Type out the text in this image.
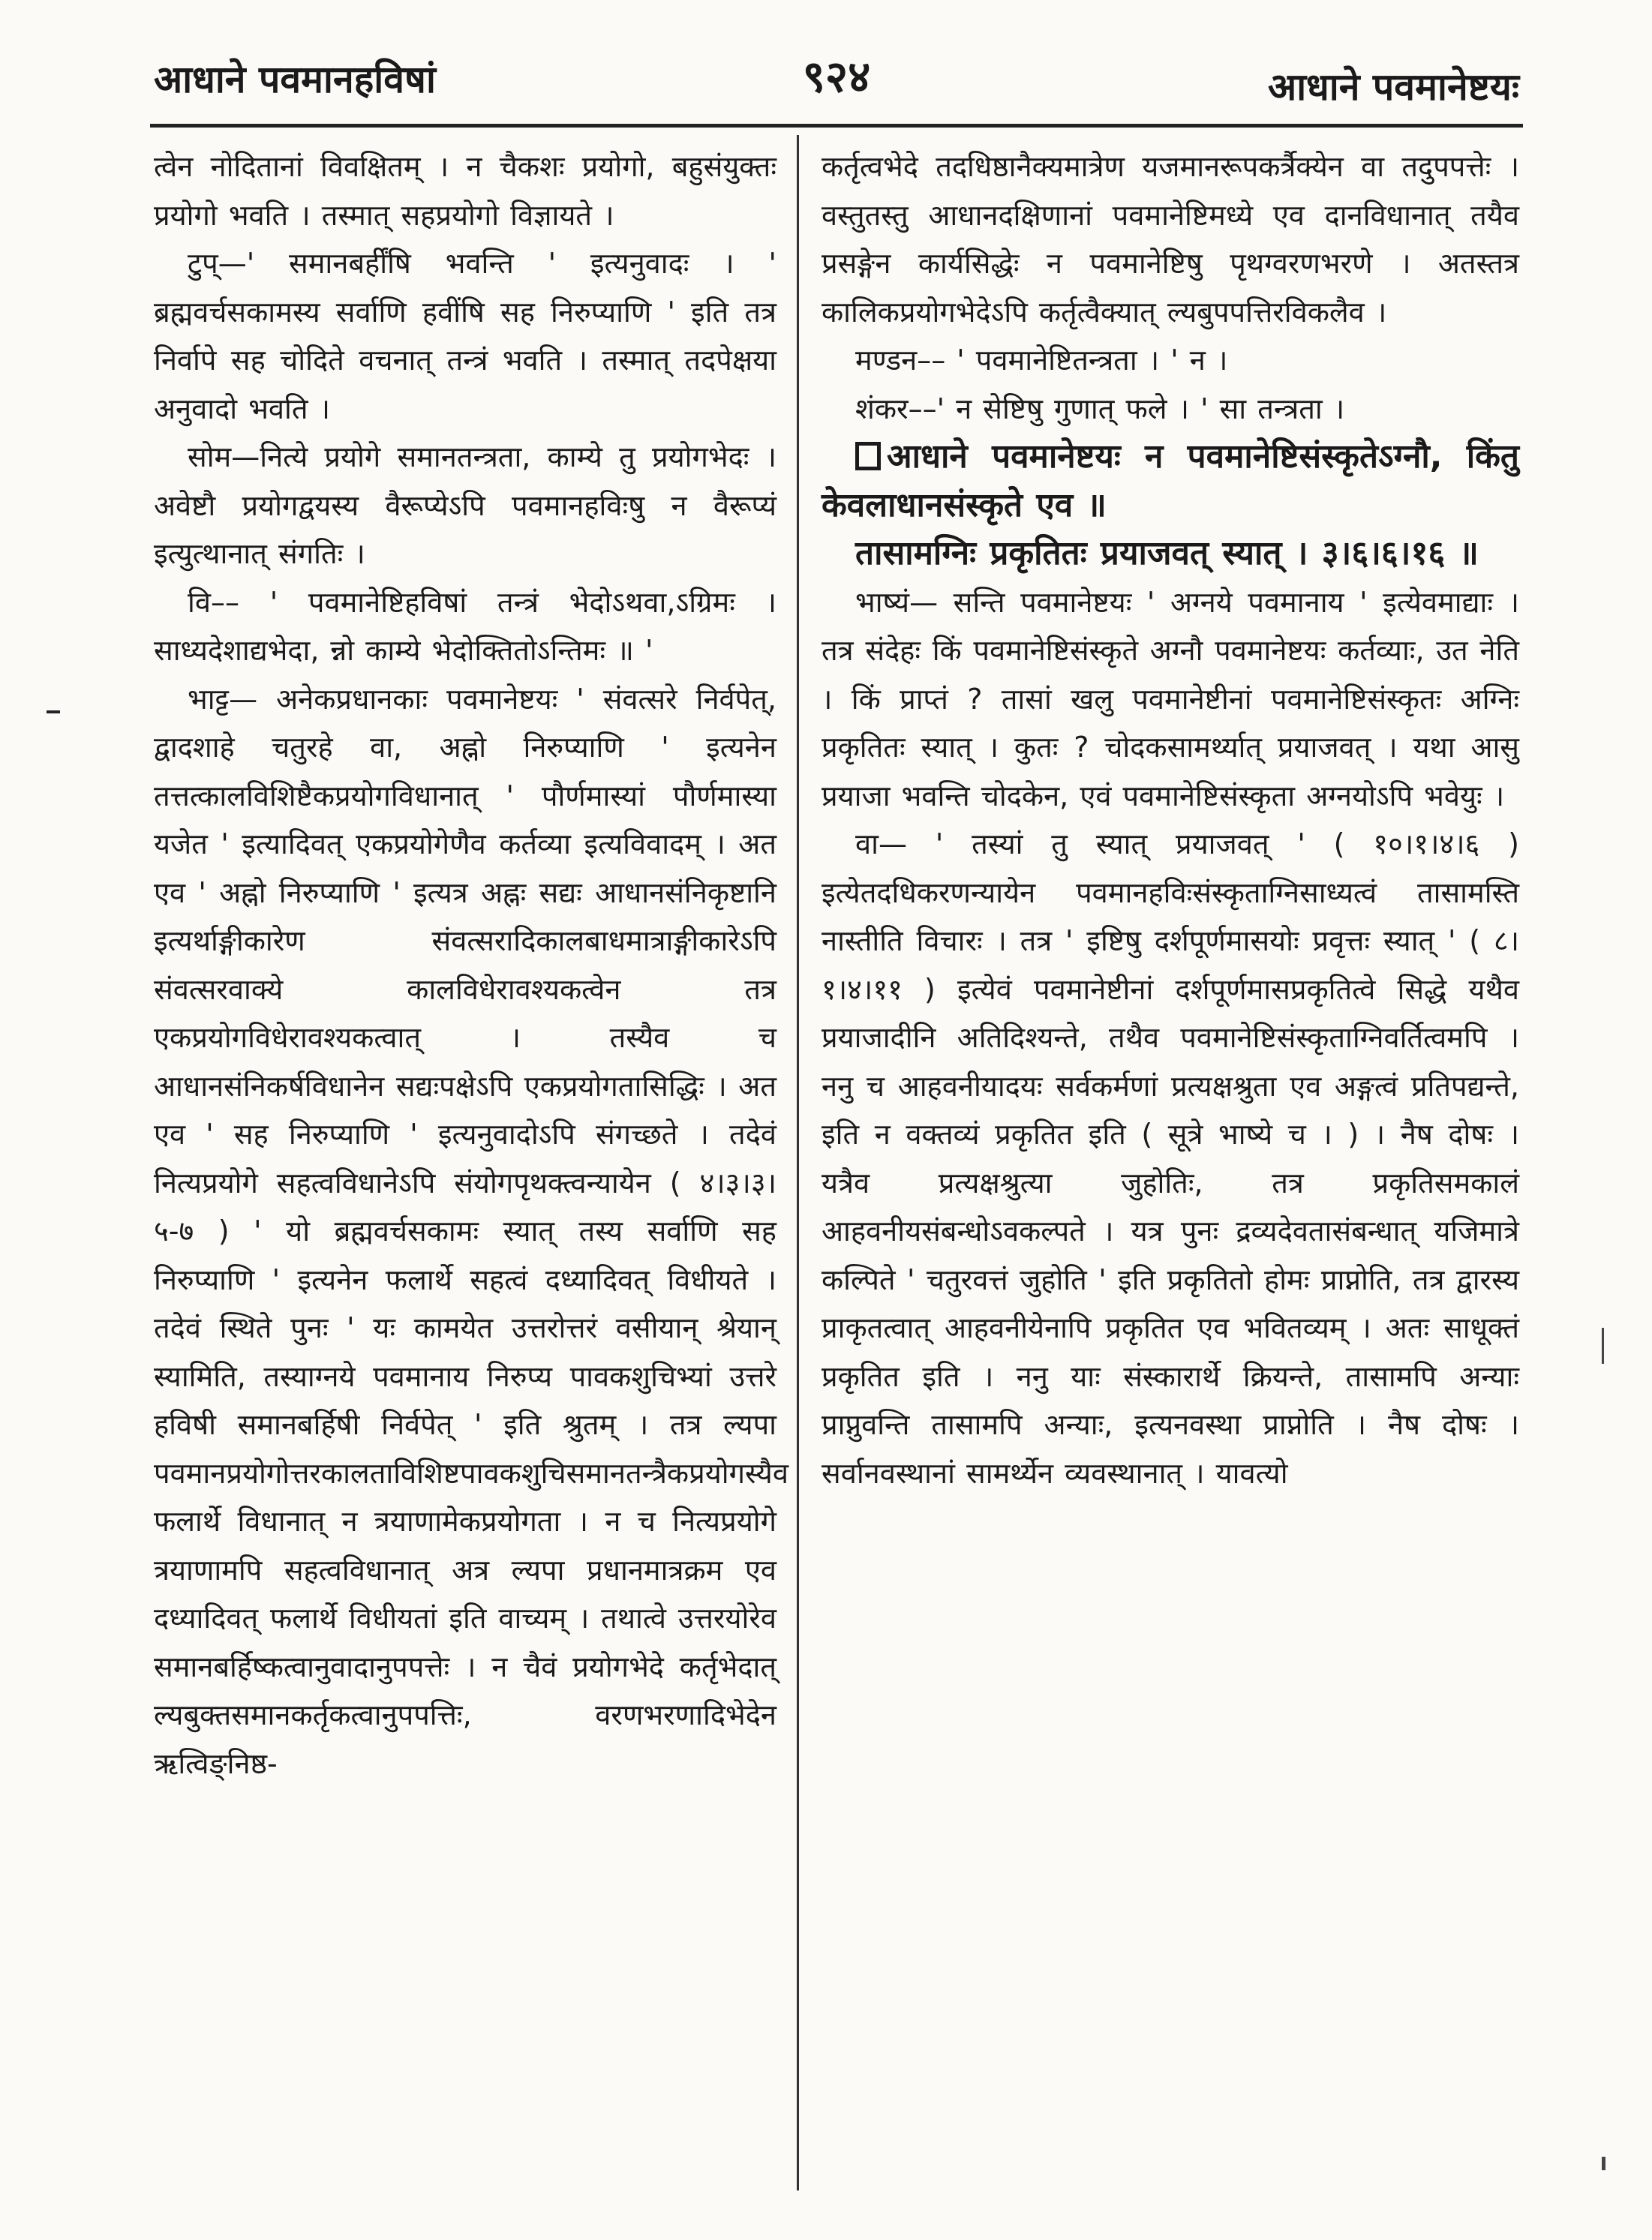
आधाने पवमानहविषां	९२४	आधाने पवमानेष्टयः

त्वेन नोदितानां विवक्षितम् । न चैकशः प्रयोगो, बहुसंयुक्तः प्रयोगो भवति । तस्मात् सहप्रयोगो विज्ञायते ।

टुप्—' समानबर्हींषि भवन्ति ' इत्यनुवादः । ' ब्रह्मवर्चसकामस्य सर्वाणि हवींषि सह निरुप्याणि ' इति तत्र निर्वापे सह चोदिते वचनात् तन्त्रं भवति । तस्मात् तदपेक्षया अनुवादो भवति ।

सोम—नित्ये प्रयोगे समानतन्त्रता, काम्ये तु प्रयोगभेदः । अवेष्टौ प्रयोगद्वयस्य वैरूप्येऽपि पवमानहविःषु न वैरूप्यं इत्युत्थानात् संगतिः ।

वि–– ' पवमानेष्टिहविषां तन्त्रं भेदोऽथवा,ऽग्रिमः । साध्यदेशाद्यभेदा, न्नो काम्ये भेदोक्तितोऽन्तिमः ॥ '

भाट्ट— अनेकप्रधानकाः पवमानेष्टयः ' संवत्सरे निर्वपेत्, द्वादशाहे चतुरहे वा, अह्नो निरुप्याणि ' इत्यनेन तत्तत्कालविशिष्टैकप्रयोगविधानात् ' पौर्णमास्यां पौर्णमास्या यजेत ' इत्यादिवत् एकप्रयोगेणैव कर्तव्या इत्यविवादम् । अत एव ' अह्नो निरुप्याणि ' इत्यत्र अह्नः सद्यः आधानसंनिकृष्टानि इत्यर्थाङ्गीकारेण संवत्सरादिकालबाधमात्राङ्गीकारेऽपि संवत्सरवाक्ये कालविधेरावश्यकत्वेन तत्र एकप्रयोगविधेरावश्यकत्वात् । तस्यैव च आधानसंनिकर्षविधानेन सद्यःपक्षेऽपि एकप्रयोगतासिद्धिः । अत एव ' सह निरुप्याणि ' इत्यनुवादोऽपि संगच्छते । तदेवं नित्यप्रयोगे सहत्वविधानेऽपि संयोगपृथक्त्वन्यायेन ( ४।३।३।५-७ ) ' यो ब्रह्मवर्चसकामः स्यात् तस्य सर्वाणि सह निरुप्याणि ' इत्यनेन फलार्थे सहत्वं दध्यादिवत् विधीयते । तदेवं स्थिते पुनः ' यः कामयेत उत्तरोत्तरं वसीयान् श्रेयान् स्यामिति, तस्याग्नये पवमानाय निरुप्य पावकशुचिभ्यां उत्तरे हविषी समानबर्हिषी निर्वपेत् ' इति श्रुतम् । तत्र ल्यपा पवमानप्रयोगोत्तरकालताविशिष्टपावकशुचिसमानतन्त्रैकप्रयोगस्यैव फलार्थे विधानात् न त्रयाणामेकप्रयोगता । न च नित्यप्रयोगे त्रयाणामपि सहत्वविधानात् अत्र ल्यपा प्रधानमात्रक्रम एव दध्यादिवत् फलार्थे विधीयतां इति वाच्यम् । तथात्वे उत्तरयोरेव समानबर्हिष्कत्वानुवादानुपपत्तेः । न चैवं प्रयोगभेदे कर्तृभेदात् ल्यबुक्तसमानकर्तृकत्वानुपपत्तिः, वरणभरणादिभेदेन ऋत्विङ्निष्ठ-

कर्तृत्वभेदे तदधिष्ठानैक्यमात्रेण यजमानरूपकर्त्रैक्येन वा तदुपपत्तेः । वस्तुतस्तु आधानदक्षिणानां पवमानेष्टिमध्ये एव दानविधानात् तयैव प्रसङ्गेन कार्यसिद्धेः न पवमानेष्टिषु पृथग्वरणभरणे । अतस्तत्र कालिकप्रयोगभेदेऽपि कर्तृत्वैक्यात् ल्यबुपपत्तिरविकलैव ।

मण्डन–– ' पवमानेष्टितन्त्रता । ' न ।

शंकर––' न सेष्टिषु गुणात् फले । ' सा तन्त्रता ।

आधाने पवमानेष्टयः न पवमानेष्टिसंस्कृतेऽग्नौ, किंतु केवलाधानसंस्कृते एव ॥

तासामग्निः प्रकृतितः प्रयाजवत् स्यात् । ३।६।६।१६ ॥

भाष्यं— सन्ति पवमानेष्टयः ' अग्नये पवमानाय ' इत्येवमाद्याः । तत्र संदेहः किं पवमानेष्टिसंस्कृते अग्नौ पवमानेष्टयः कर्तव्याः, उत नेति । किं प्राप्तं ? तासां खलु पवमानेष्टीनां पवमानेष्टिसंस्कृतः अग्निः प्रकृतितः स्यात् । कुतः ? चोदकसामर्थ्यात् प्रयाजवत् । यथा आसु प्रयाजा भवन्ति चोदकेन, एवं पवमानेष्टिसंस्कृता अग्नयोऽपि भवेयुः ।

वा— ' तस्यां तु स्यात् प्रयाजवत् ' ( १०।१।४।६ ) इत्येतदधिकरणन्यायेन पवमानहविःसंस्कृताग्निसाध्यत्वं तासामस्ति नास्तीति विचारः । तत्र ' इष्टिषु दर्शपूर्णमासयोः प्रवृत्तः स्यात् ' ( ८।१।४।११ ) इत्येवं पवमानेष्टीनां दर्शपूर्णमासप्रकृतित्वे सिद्धे यथैव प्रयाजादीनि अतिदिश्यन्ते, तथैव पवमानेष्टिसंस्कृताग्निवर्तित्वमपि । ननु च आहवनीयादयः सर्वकर्मणां प्रत्यक्षश्रुता एव अङ्गत्वं प्रतिपद्यन्ते, इति न वक्तव्यं प्रकृतित इति ( सूत्रे भाष्ये च । ) । नैष दोषः । यत्रैव प्रत्यक्षश्रुत्या जुहोतिः, तत्र प्रकृतिसमकालं आहवनीयसंबन्धोऽवकल्पते । यत्र पुनः द्रव्यदेवतासंबन्धात् यजिमात्रे कल्पिते ' चतुरवत्तं जुहोति ' इति प्रकृतितो होमः प्राप्नोति, तत्र द्वारस्य प्राकृतत्वात् आहवनीयेनापि प्रकृतित एव भवितव्यम् । अतः साधूक्तं प्रकृतित इति । ननु याः संस्कारार्थे क्रियन्ते, तासामपि अन्याः प्राप्नुवन्ति तासामपि अन्याः, इत्यनवस्था प्राप्नोति । नैष दोषः । सर्वानवस्थानां सामर्थ्येन व्यवस्थानात् । यावत्यो
